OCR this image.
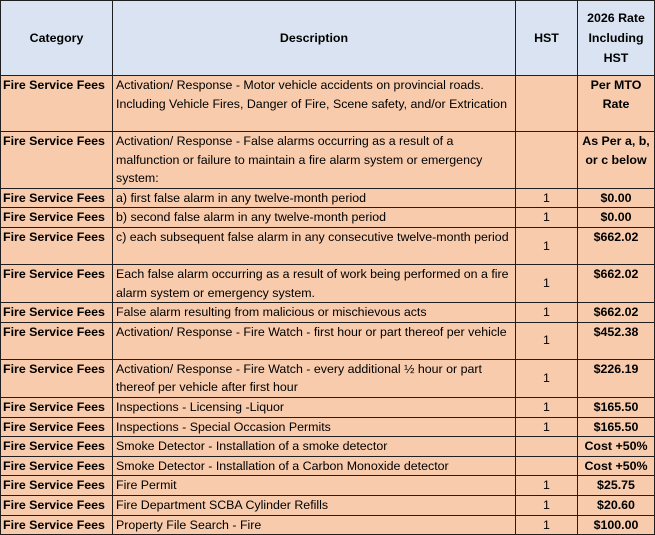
Category	Description	HST	2026 Rate Including HST

Fire Service Fees	Activation/ Response - Motor vehicle accidents on provincial roads. Including Vehicle Fires, Danger of Fire, Scene safety, and/or Extrication		Per MTO Rate

Fire Service Fees	Activation/ Response - False alarms occurring as a result of a malfunction or failure to maintain a fire alarm system or emergency system:		As Per a, b, or c below
Fire Service Fees	a) first false alarm in any twelve-month period	1	$0.00
Fire Service Fees	b) second false alarm in any twelve-month period	1	$0.00
Fire Service Fees	c) each subsequent false alarm in any consecutive twelve-month period	1	$662.02
Fire Service Fees	Each false alarm occurring as a result of work being performed on a fire alarm system or emergency system.	1	$662.02
Fire Service Fees	False alarm resulting from malicious or mischievous acts	1	$662.02
Fire Service Fees	Activation/ Response - Fire Watch - first hour or part thereof per vehicle	1	$452.38
Fire Service Fees	Activation/ Response - Fire Watch - every additional ½ hour or part thereof per vehicle after first hour	1	$226.19
Fire Service Fees	Inspections - Licensing -Liquor	1	$165.50
Fire Service Fees	Inspections - Special Occasion Permits	1	$165.50
Fire Service Fees	Smoke Detector - Installation of a smoke detector		Cost +50%
Fire Service Fees	Smoke Detector - Installation of a Carbon Monoxide detector		Cost +50%
Fire Service Fees	Fire Permit	1	$25.75
Fire Service Fees	Fire Department SCBA Cylinder Refills	1	$20.60
Fire Service Fees	Property File Search - Fire	1	$100.00
